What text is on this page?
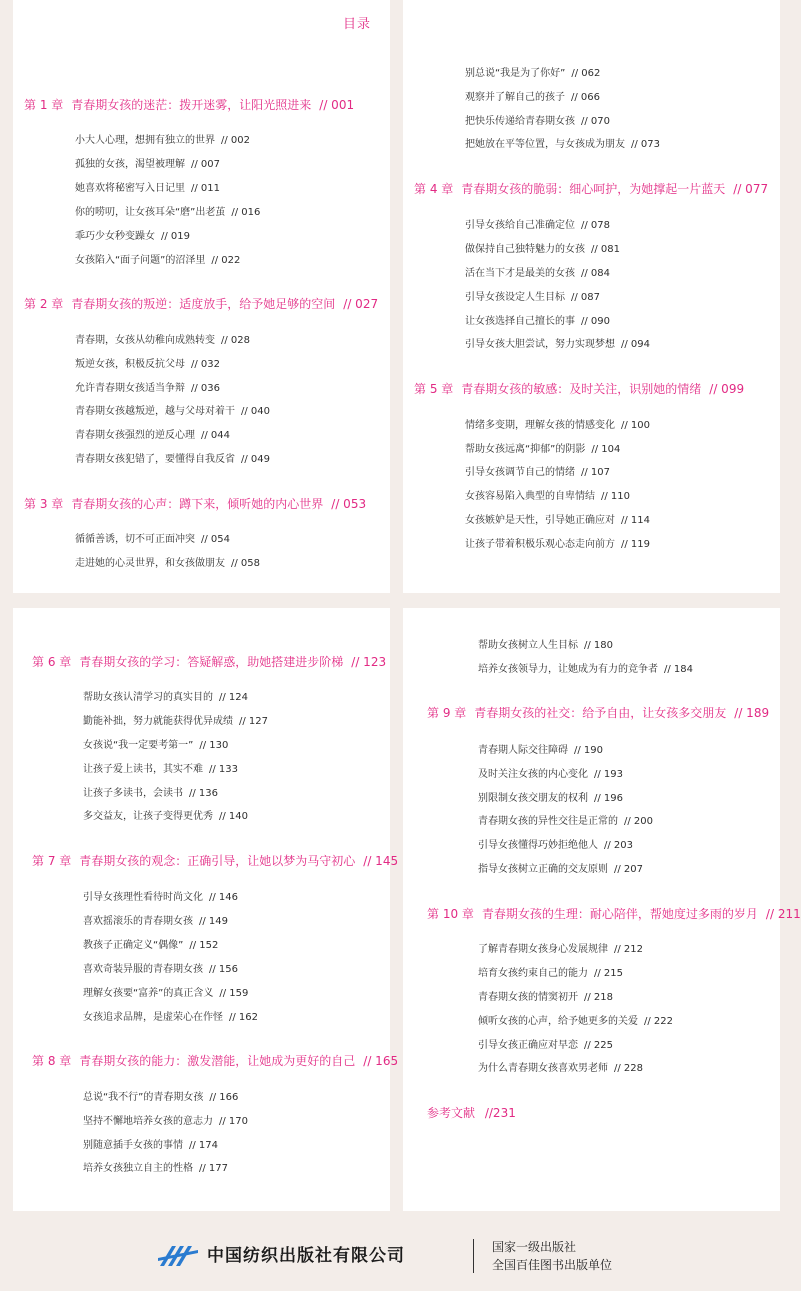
目录
第 1 章 青春期女孩的迷茫：拨开迷雾，让阳光照进来 // 001
小大人心理，想拥有独立的世界 // 002
孤独的女孩，渴望被理解 // 007
她喜欢将秘密写入日记里 // 011
你的唠叨，让女孩耳朵“磨”出老茧 // 016
乖巧少女秒变躁女 // 019
女孩陷入“面子问题”的沼泽里 // 022
第 2 章 青春期女孩的叛逆：适度放手，给予她足够的空间 // 027
青春期，女孩从幼稚向成熟转变 // 028
叛逆女孩，积极反抗父母 // 032
允许青春期女孩适当争辩 // 036
青春期女孩越叛逆，越与父母对着干 // 040
青春期女孩强烈的逆反心理 // 044
青春期女孩犯错了，要懂得自我反省 // 049
第 3 章 青春期女孩的心声：蹲下来，倾听她的内心世界 // 053
循循善诱，切不可正面冲突 // 054
走进她的心灵世界，和女孩做朋友 // 058
别总说“我是为了你好” // 062
观察并了解自己的孩子 // 066
把快乐传递给青春期女孩 // 070
把她放在平等位置，与女孩成为朋友 // 073
第 4 章 青春期女孩的脆弱：细心呵护，为她撑起一片蓝天 // 077
引导女孩给自己准确定位 // 078
做保持自己独特魅力的女孩 // 081
活在当下才是最美的女孩 // 084
引导女孩设定人生目标 // 087
让女孩选择自己擅长的事 // 090
引导女孩大胆尝试，努力实现梦想 // 094
第 5 章 青春期女孩的敏感：及时关注，识别她的情绪 // 099
情绪多变期，理解女孩的情感变化 // 100
帮助女孩远离“抑郁”的阴影 // 104
引导女孩调节自己的情绪 // 107
女孩容易陷入典型的自卑情结 // 110
女孩嫉妒是天性，引导她正确应对 // 114
让孩子带着积极乐观心态走向前方 // 119
第 6 章 青春期女孩的学习：答疑解惑，助她搭建进步阶梯 // 123
帮助女孩认清学习的真实目的 // 124
勤能补拙，努力就能获得优异成绩 // 127
女孩说“我一定要考第一” // 130
让孩子爱上读书，其实不难 // 133
让孩子多读书，会读书 // 136
多交益友，让孩子变得更优秀 // 140
第 7 章 青春期女孩的观念：正确引导，让她以梦为马守初心 // 145
引导女孩理性看待时尚文化 // 146
喜欢摇滚乐的青春期女孩 // 149
教孩子正确定义“偶像” // 152
喜欢奇装异服的青春期女孩 // 156
理解女孩要“富养”的真正含义 // 159
女孩追求品牌，是虚荣心在作怪 // 162
第 8 章 青春期女孩的能力：激发潜能，让她成为更好的自己 // 165
总说“我不行”的青春期女孩 // 166
坚持不懈地培养女孩的意志力 // 170
别随意插手女孩的事情 // 174
培养女孩独立自主的性格 // 177
帮助女孩树立人生目标 // 180
培养女孩领导力，让她成为有力的竞争者 // 184
第 9 章 青春期女孩的社交：给予自由，让女孩多交朋友 // 189
青春期人际交往障碍 // 190
及时关注女孩的内心变化 // 193
别限制女孩交朋友的权利 // 196
青春期女孩的异性交往是正常的 // 200
引导女孩懂得巧妙拒绝他人 // 203
指导女孩树立正确的交友原则 // 207
第 10 章 青春期女孩的生理：耐心陪伴，帮她度过多雨的岁月 // 211
了解青春期女孩身心发展规律 // 212
培育女孩约束自己的能力 // 215
青春期女孩的情窦初开 // 218
倾听女孩的心声，给予她更多的关爱 // 222
引导女孩正确应对早恋 // 225
为什么青春期女孩喜欢男老师 // 228
参考文献 //231
中国纺织出版社有限公司	国家一级出版社
全国百佳图书出版单位
